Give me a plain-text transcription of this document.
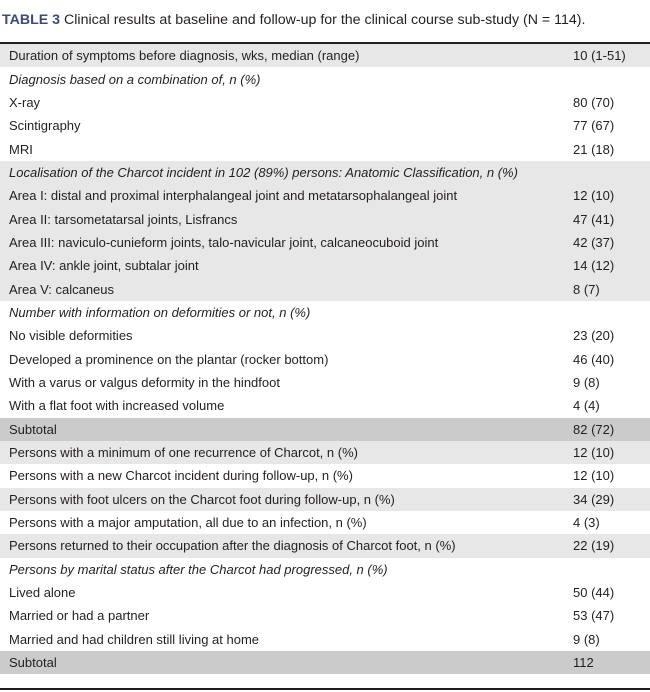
TABLE 3 Clinical results at baseline and follow-up for the clinical course sub-study (N = 114).
Duration of symptoms before diagnosis, wks, median (range)	10 (1-51)
Diagnosis based on a combination of, n (%)	
X-ray	80 (70)
Scintigraphy	77 (67)
MRI	21 (18)
Localisation of the Charcot incident in 102 (89%) persons: Anatomic Classification, n (%)	
Area I: distal and proximal interphalangeal joint and metatarsophalangeal joint	12 (10)
Area II: tarsometatarsal joints, Lisfrancs	47 (41)
Area III: naviculo-cunieform joints, talo-navicular joint, calcaneocuboid joint	42 (37)
Area IV: ankle joint, subtalar joint	14 (12)
Area V: calcaneus	8 (7)
Number with information on deformities or not, n (%)	
No visible deformities	23 (20)
Developed a prominence on the plantar (rocker bottom)	46 (40)
With a varus or valgus deformity in the hindfoot	9 (8)
With a flat foot with increased volume	4 (4)
Subtotal	82 (72)
Persons with a minimum of one recurrence of Charcot, n (%)	12 (10)
Persons with a new Charcot incident during follow-up, n (%)	12 (10)
Persons with foot ulcers on the Charcot foot during follow-up, n (%)	34 (29)
Persons with a major amputation, all due to an infection, n (%)	4 (3)
Persons returned to their occupation after the diagnosis of Charcot foot, n (%)	22 (19)
Persons by marital status after the Charcot had progressed, n (%)	
Lived alone	50 (44)
Married or had a partner	53 (47)
Married and had children still living at home	9 (8)
Subtotal	112
